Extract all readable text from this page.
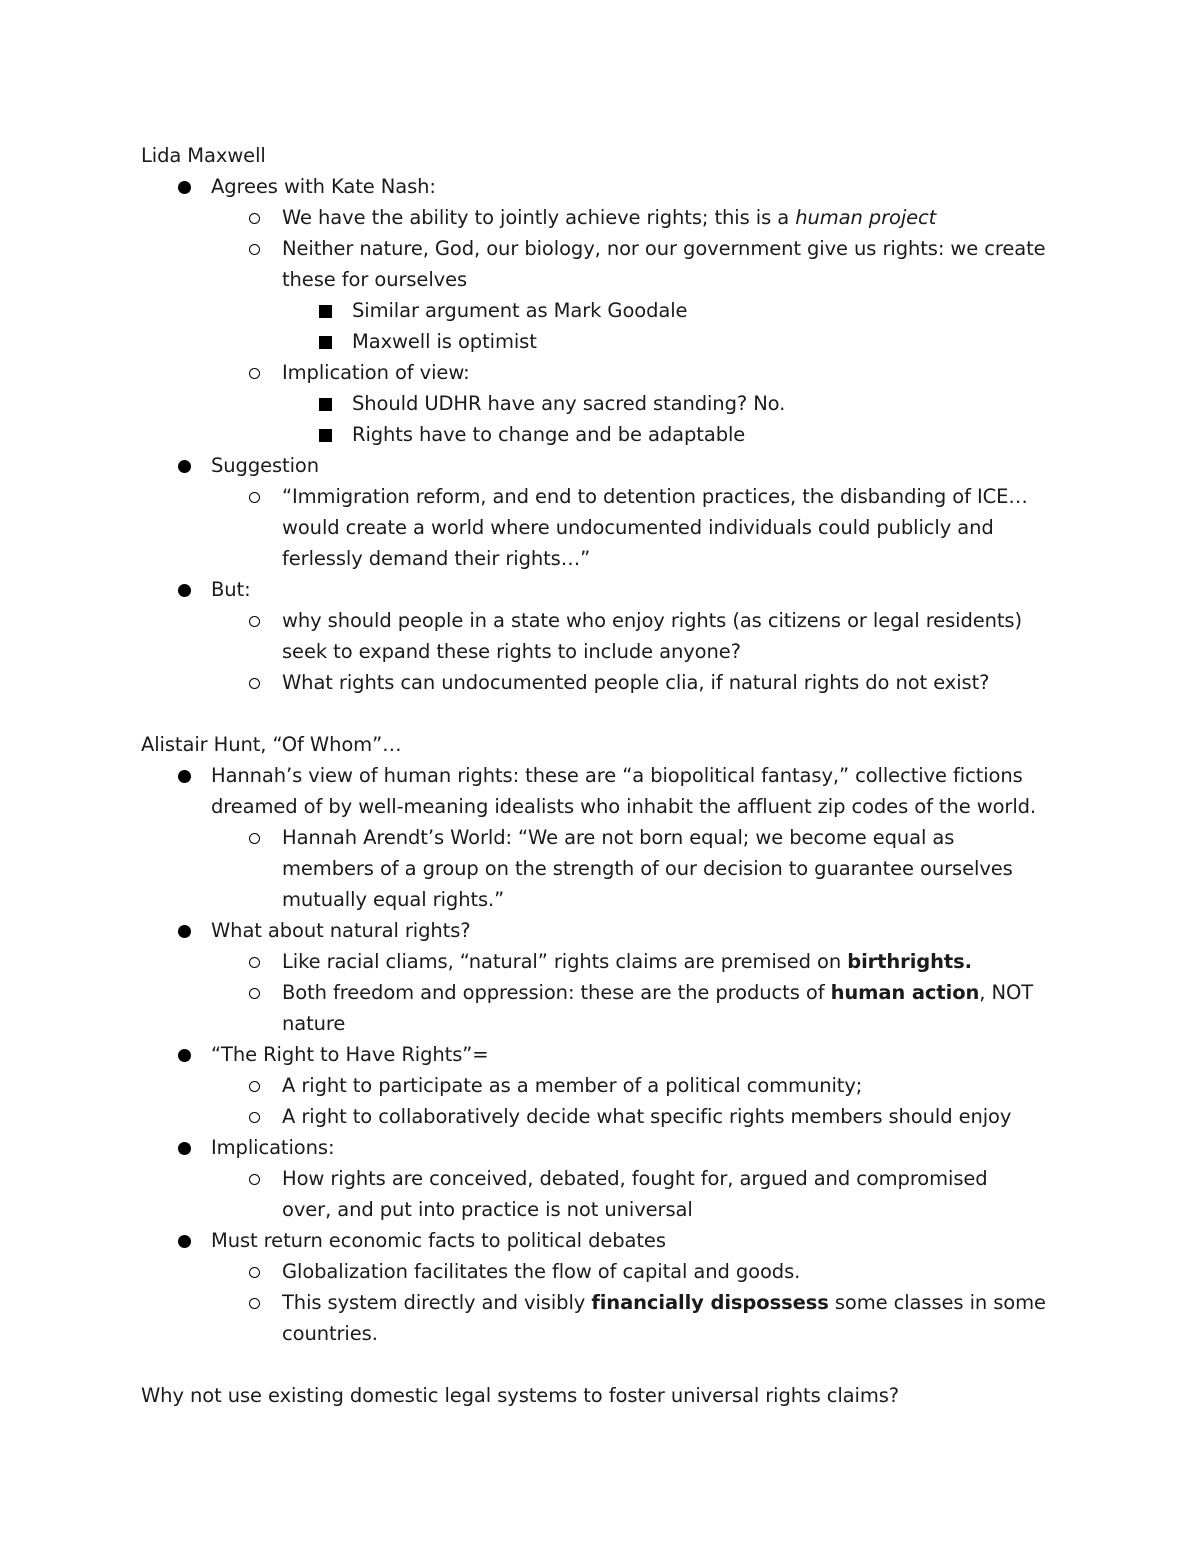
Lida Maxwell
Agrees with Kate Nash:
We have the ability to jointly achieve rights; this is a human project
Neither nature, God, our biology, nor our government give us rights: we create
these for ourselves
Similar argument as Mark Goodale
Maxwell is optimist
Implication of view:
Should UDHR have any sacred standing? No.
Rights have to change and be adaptable
Suggestion
“Immigration reform, and end to detention practices, the disbanding of ICE…
would create a world where undocumented individuals could publicly and
ferlessly demand their rights…”
But:
why should people in a state who enjoy rights (as citizens or legal residents)
seek to expand these rights to include anyone?
What rights can undocumented people clia, if natural rights do not exist?
Alistair Hunt, “Of Whom”…
Hannah’s view of human rights: these are “a biopolitical fantasy,” collective fictions
dreamed of by well-meaning idealists who inhabit the affluent zip codes of the world.
Hannah Arendt’s World: “We are not born equal; we become equal as
members of a group on the strength of our decision to guarantee ourselves
mutually equal rights.”
What about natural rights?
Like racial cliams, “natural” rights claims are premised on birthrights.
Both freedom and oppression: these are the products of human action, NOT
nature
“The Right to Have Rights”=
A right to participate as a member of a political community;
A right to collaboratively decide what specific rights members should enjoy
Implications:
How rights are conceived, debated, fought for, argued and compromised
over, and put into practice is not universal
Must return economic facts to political debates
Globalization facilitates the flow of capital and goods.
This system directly and visibly financially dispossess some classes in some
countries.
Why not use existing domestic legal systems to foster universal rights claims?
